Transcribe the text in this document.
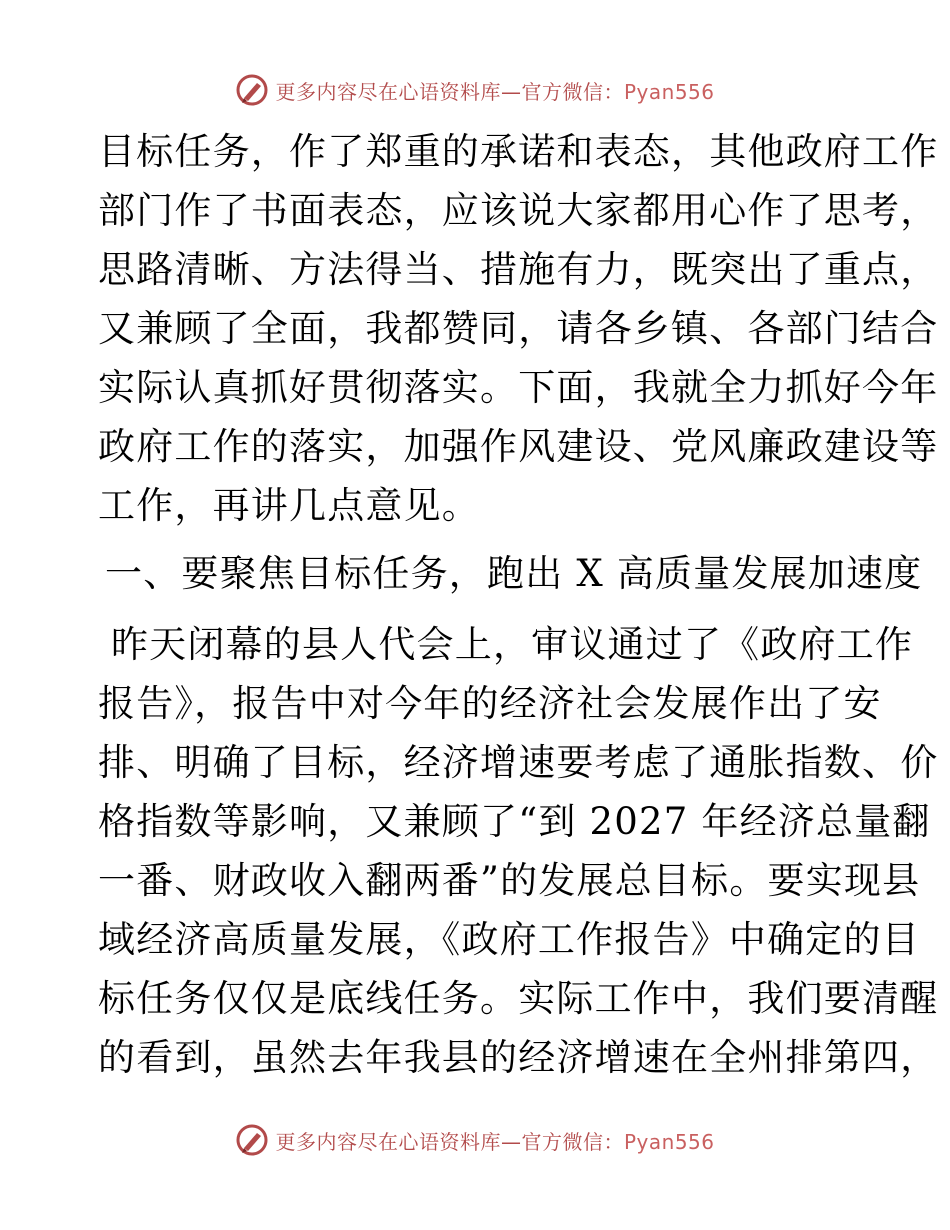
更多内容尽在心语资料库—官方微信：Pyan556
目标任务，作了郑重的承诺和表态，其他政府工作
部门作了书面表态，应该说大家都用心作了思考，
思路清晰、方法得当、措施有力，既突出了重点，
又兼顾了全面，我都赞同，请各乡镇、各部门结合
实际认真抓好贯彻落实。下面，我就全力抓好今年
政府工作的落实，加强作风建设、党风廉政建设等
工作，再讲几点意见。
一、要聚焦目标任务，跑出 X 高质量发展加速度
昨天闭幕的县人代会上，审议通过了《政府工作
报告》，报告中对今年的经济社会发展作出了安
排、明确了目标，经济增速要考虑了通胀指数、价
格指数等影响，又兼顾了“到 2027 年经济总量翻
一番、财政收入翻两番”的发展总目标。要实现县
域经济高质量发展，《政府工作报告》中确定的目
标任务仅仅是底线任务。实际工作中，我们要清醒
的看到，虽然去年我县的经济增速在全州排第四，
更多内容尽在心语资料库—官方微信：Pyan556
